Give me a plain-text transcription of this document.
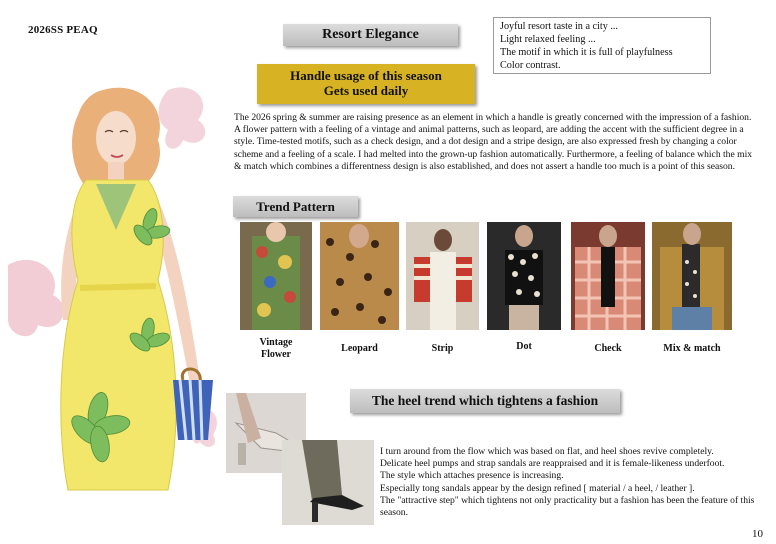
2026SS PEAQ	Resort Elegance
Joyful resort taste in a city ...
Light relaxed feeling ...
The motif in which it is full of playfulness
Color contrast.
Handle usage of this season
Gets used daily
The 2026 spring & summer are raising presence as an element in which a handle is greatly concerned with the impression of a fashion. A flower pattern with a feeling of a vintage and animal patterns, such as leopard, are adding the accent with the sufficient degree in a style. Time-tested motifs, such as a check design, and a dot design and a stripe design, are also expressed fresh by changing a color scheme and a feeling of a scale. I had melted into the grown-up fashion automatically. Furthermore, a feeling of balance which the mix & match which combines a differentness design is also established, and does not assert a handle too much is a point of this season.
Trend Pattern
Vintage
Flower
Leopard	Strip	Dot	Check	Mix & match
The heel trend which tightens a fashion
I turn around from the flow which was based on flat, and heel shoes revive completely.
Delicate heel pumps and strap sandals are reappraised and it is female-likeness underfoot.
The style which attaches presence is increasing.
Especially tong sandals appear by the design refined [ material / a heel, / leather ].
The "attractive step" which tightens not only practicality but a fashion has been the feature of this season.
10
